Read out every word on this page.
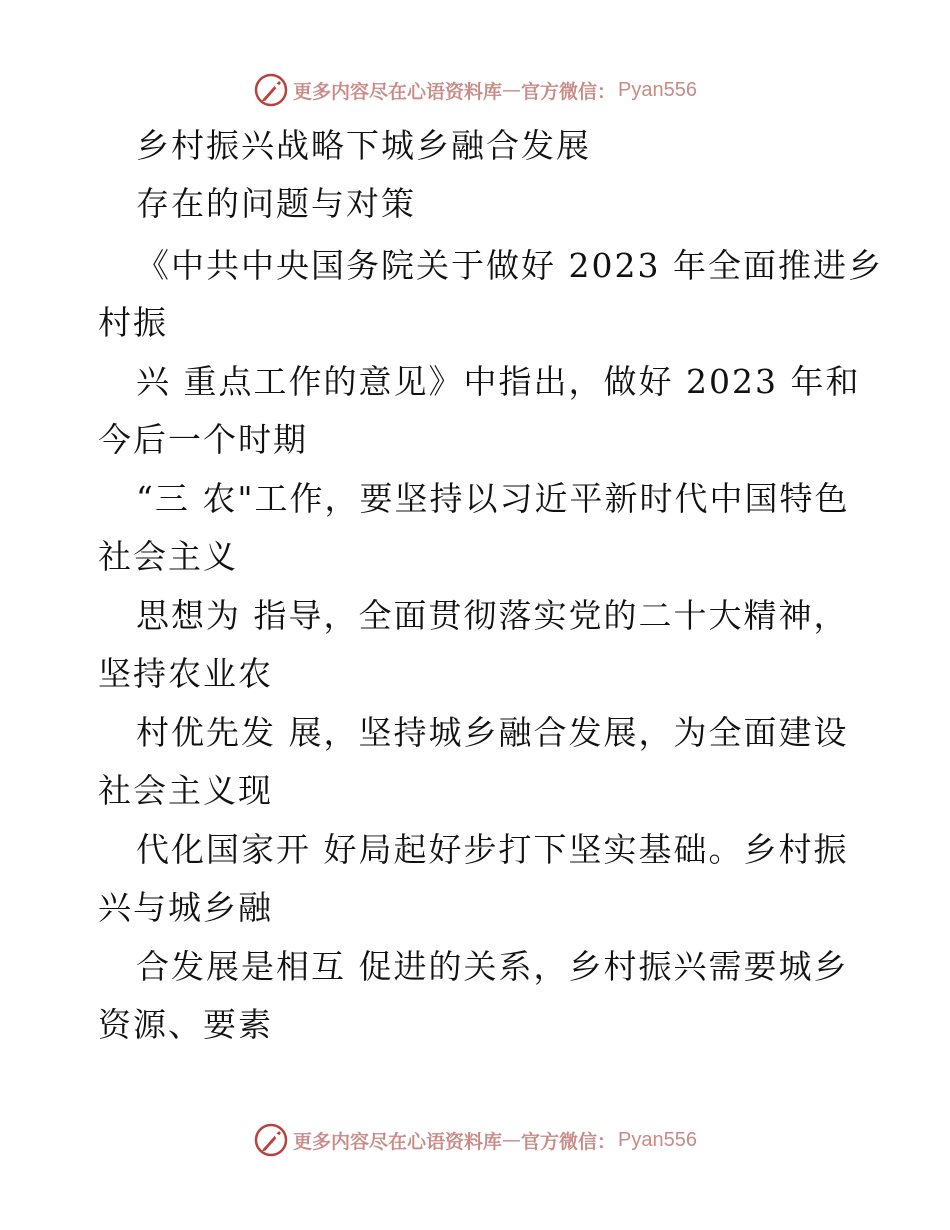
更多内容尽在心语资料库 — 官方微信： Pyan556
乡村振兴战略下城乡融合发展
存在的问题与对策
《中共中央国务院关于做好 2023 年全面推进乡
村振
兴 重点工作的意见》中指出，做好 2023 年和
今后一个时期
“三 农"工作，要坚持以习近平新时代中国特色
社会主义
思想为 指导，全面贯彻落实党的二十大精神，
坚持农业农
村优先发 展，坚持城乡融合发展，为全面建设
社会主义现
代化国家开 好局起好步打下坚实基础。乡村振
兴与城乡融
合发展是相互 促进的关系，乡村振兴需要城乡
资源、要素
更多内容尽在心语资料库 — 官方微信： Pyan556
